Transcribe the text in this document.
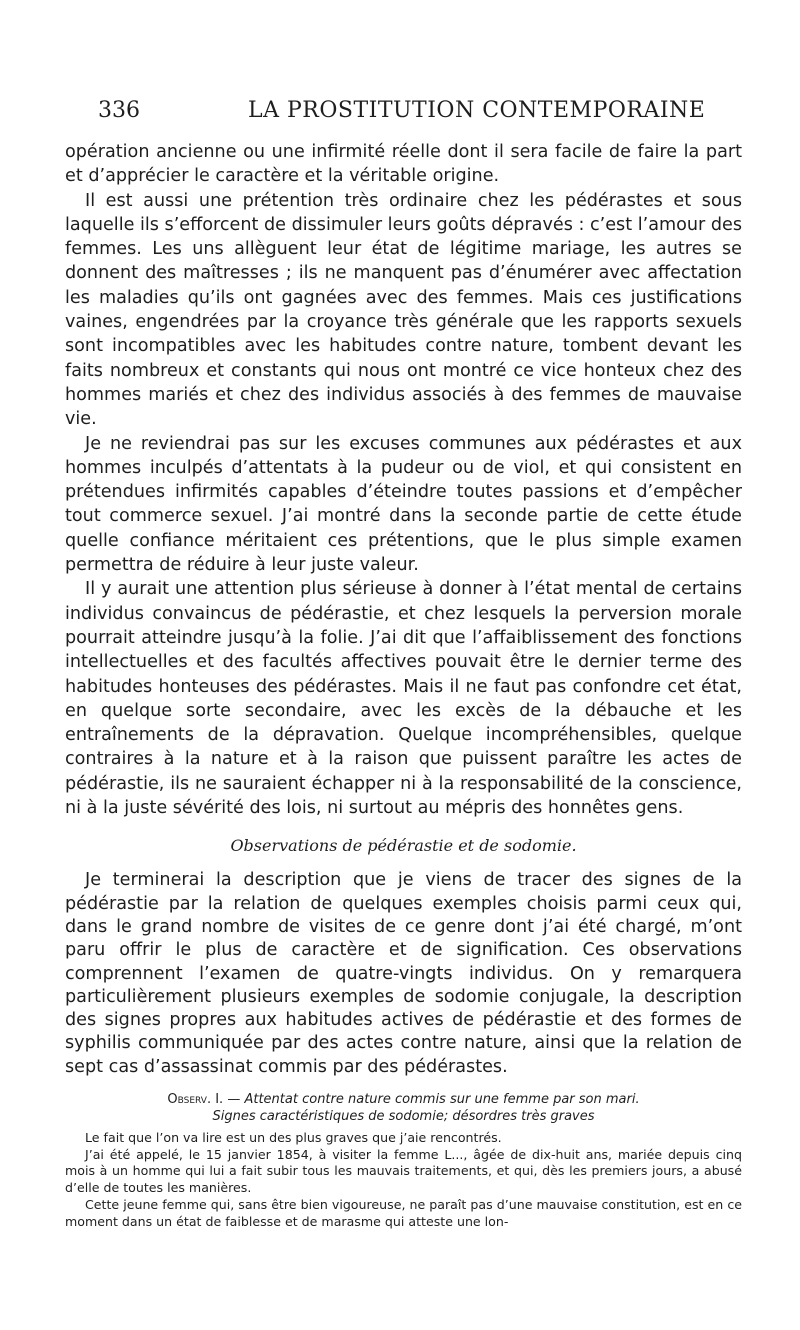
336	LA PROSTITUTION CONTEMPORAINE

opération ancienne ou une infirmité réelle dont il sera facile de faire la part et d’apprécier le caractère et la véritable origine.

Il est aussi une prétention très ordinaire chez les pédérastes et sous laquelle ils s’efforcent de dissimuler leurs goûts dépravés : c’est l’amour des femmes. Les uns allèguent leur état de légitime mariage, les autres se donnent des maîtresses ; ils ne manquent pas d’énumérer avec affectation les maladies qu’ils ont gagnées avec des femmes. Mais ces justifications vaines, engendrées par la croyance très générale que les rapports sexuels sont incompatibles avec les habitudes contre nature, tombent devant les faits nombreux et constants qui nous ont montré ce vice honteux chez des hommes mariés et chez des individus associés à des femmes de mauvaise vie.

Je ne reviendrai pas sur les excuses communes aux pédérastes et aux hommes inculpés d’attentats à la pudeur ou de viol, et qui consistent en prétendues infirmités capables d’éteindre toutes passions et d’empêcher tout commerce sexuel. J’ai montré dans la seconde partie de cette étude quelle confiance méritaient ces prétentions, que le plus simple examen permettra de réduire à leur juste valeur.

Il y aurait une attention plus sérieuse à donner à l’état mental de certains individus convaincus de pédérastie, et chez lesquels la perversion morale pourrait atteindre jusqu’à la folie. J’ai dit que l’affaiblissement des fonctions intellectuelles et des facultés affectives pouvait être le dernier terme des habitudes honteuses des pédérastes. Mais il ne faut pas confondre cet état, en quelque sorte secondaire, avec les excès de la débauche et les entraînements de la dépravation. Quelque incompréhensibles, quelque contraires à la nature et à la raison que puissent paraître les actes de pédérastie, ils ne sauraient échapper ni à la responsabilité de la conscience, ni à la juste sévérité des lois, ni surtout au mépris des honnêtes gens.

Observations de pédérastie et de sodomie.

Je terminerai la description que je viens de tracer des signes de la pédérastie par la relation de quelques exemples choisis parmi ceux qui, dans le grand nombre de visites de ce genre dont j’ai été chargé, m’ont paru offrir le plus de caractère et de signification. Ces observations comprennent l’examen de quatre-vingts individus. On y remarquera particulièrement plusieurs exemples de sodomie conjugale, la description des signes propres aux habitudes actives de pédérastie et des formes de syphilis communiquée par des actes contre nature, ainsi que la relation de sept cas d’assassinat commis par des pédérastes.

Observ. I. — Attentat contre nature commis sur une femme par son mari.

Signes caractéristiques de sodomie; désordres très graves

Le fait que l’on va lire est un des plus graves que j’aie rencontrés.

J’ai été appelé, le 15 janvier 1854, à visiter la femme L..., âgée de dix-huit ans, mariée depuis cinq mois à un homme qui lui a fait subir tous les mauvais traitements, et qui, dès les premiers jours, a abusé d’elle de toutes les manières.

Cette jeune femme qui, sans être bien vigoureuse, ne paraît pas d’une mauvaise constitution, est en ce moment dans un état de faiblesse et de marasme qui atteste une lon-
